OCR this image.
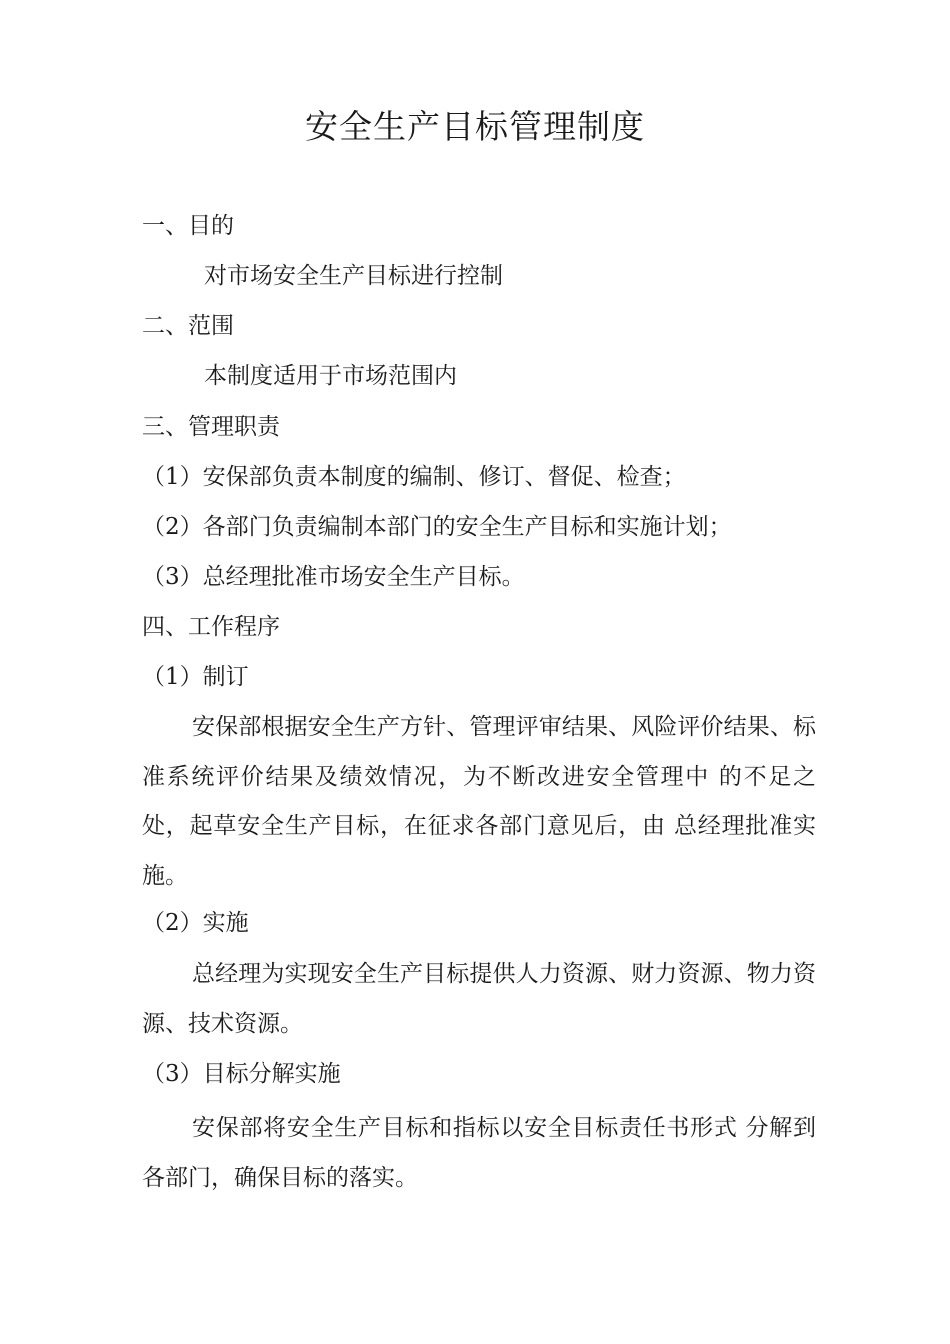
安全生产目标管理制度
一、目的
对市场安全生产目标进行控制
二、范围
本制度适用于市场范围内
三、管理职责
（1）安保部负责本制度的编制、修订、督促、检查；
（2）各部门负责编制本部门的安全生产目标和实施计划；
（3）总经理批准市场安全生产目标。
四、工作程序
（1）制订
安保部根据安全生产方针、管理评审结果、风险评价结果、标准系统评价结果及绩效情况，为不断改进安全管理中 的不足之处，起草安全生产目标，在征求各部门意见后，由 总经理批准实施。
（2）实施
总经理为实现安全生产目标提供人力资源、财力资源、物力资源、技术资源。
（3）目标分解实施
安保部将安全生产目标和指标以安全目标责任书形式 分解到各部门，确保目标的落实。
